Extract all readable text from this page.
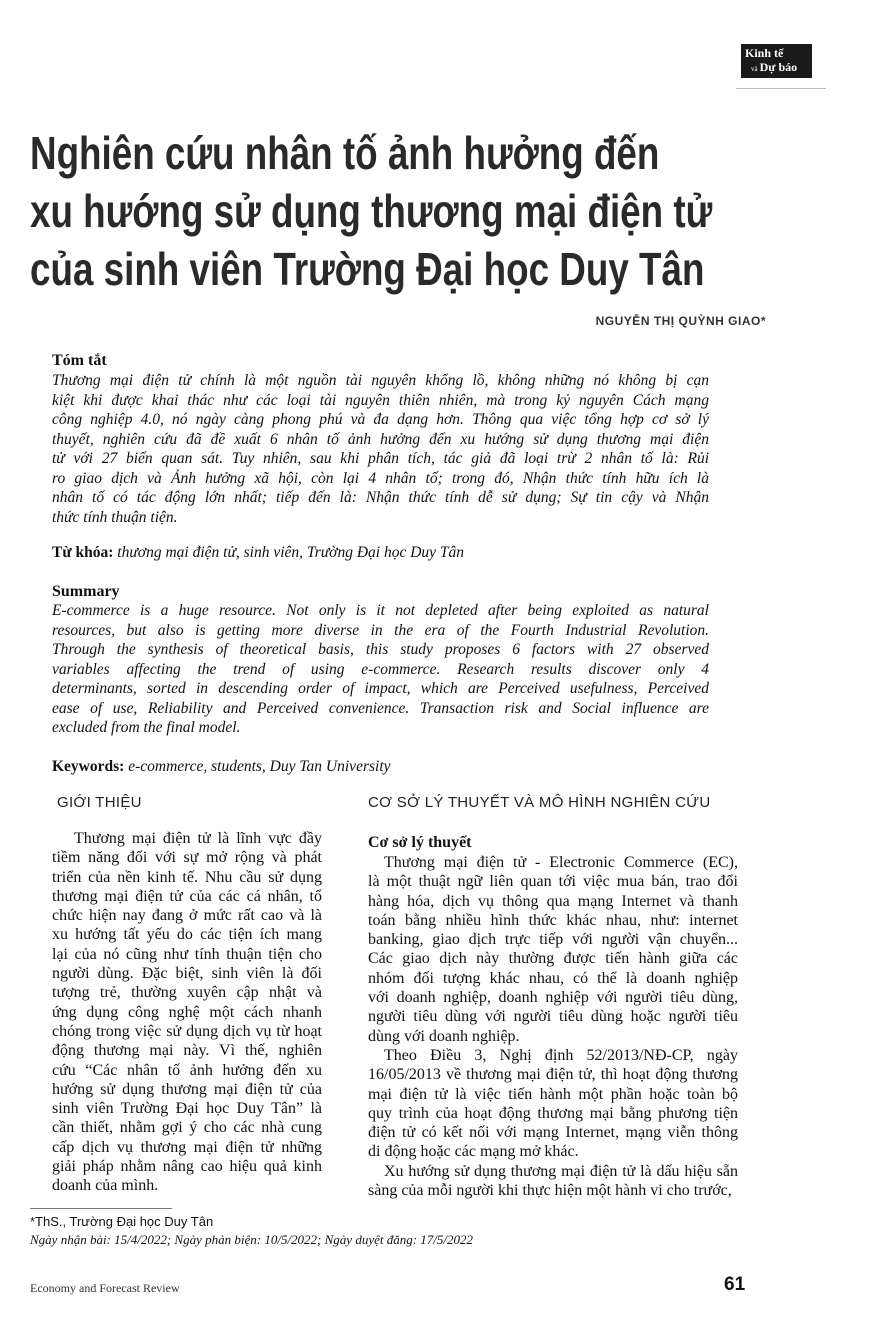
Kinh tế
và Dự báo
Nghiên cứu nhân tố ảnh hưởng đến
xu hướng sử dụng thương mại điện tử
của sinh viên Trường Đại học Duy Tân
NGUYỄN THỊ QUỲNH GIAO*
Tóm tắt
Thương mại điện tử chính là một nguồn tài nguyên khổng lồ, không những nó không bị cạn
kiệt khi được khai thác như các loại tài nguyên thiên nhiên, mà trong kỷ nguyên Cách mạng
công nghiệp 4.0, nó ngày càng phong phú và đa dạng hơn. Thông qua việc tổng hợp cơ sở lý
thuyết, nghiên cứu đã đề xuất 6 nhân tố ảnh hưởng đến xu hướng sử dụng thương mại điện
tử với 27 biến quan sát. Tuy nhiên, sau khi phân tích, tác giả đã loại trừ 2 nhân tố là: Rủi
ro giao dịch và Ảnh hưởng xã hội, còn lại 4 nhân tố; trong đó, Nhận thức tính hữu ích là
nhân tố có tác động lớn nhất; tiếp đến là: Nhận thức tính dễ sử dụng; Sự tin cậy và Nhận
thức tính thuận tiện.
Từ khóa: thương mại điện tử, sinh viên, Trường Đại học Duy Tân
Summary
E-commerce is a huge resource. Not only is it not depleted after being exploited as natural
resources, but also is getting more diverse in the era of the Fourth Industrial Revolution.
Through the synthesis of theoretical basis, this study proposes 6 factors with 27 observed
variables affecting the trend of using e-commerce. Research results discover only 4
determinants, sorted in descending order of impact, which are Perceived usefulness, Perceived
ease of use, Reliability and Perceived convenience. Transaction risk and Social influence are
excluded from the final model.
Keywords: e-commerce, students, Duy Tan University
GIỚI THIỆU	CƠ SỞ LÝ THUYẾT VÀ MÔ HÌNH NGHIÊN CỨU
Thương mại điện tử là lĩnh vực đầy
tiềm năng đối với sự mở rộng và phát
triển của nền kinh tế. Nhu cầu sử dụng
thương mại điện tử của các cá nhân, tổ
chức hiện nay đang ở mức rất cao và là
xu hướng tất yếu do các tiện ích mang
lại của nó cũng như tính thuận tiện cho
người dùng. Đặc biệt, sinh viên là đối
tượng trẻ, thường xuyên cập nhật và
ứng dụng công nghệ một cách nhanh
chóng trong việc sử dụng dịch vụ từ hoạt
động thương mại này. Vì thế, nghiên
cứu “Các nhân tố ảnh hưởng đến xu
hướng sử dụng thương mại điện tử của
sinh viên Trường Đại học Duy Tân” là
cần thiết, nhằm gợi ý cho các nhà cung
cấp dịch vụ thương mại điện tử những
giải pháp nhằm nâng cao hiệu quả kinh
doanh của mình.
Cơ sở lý thuyết
Thương mại điện tử - Electronic Commerce (EC),
là một thuật ngữ liên quan tới việc mua bán, trao đổi
hàng hóa, dịch vụ thông qua mạng Internet và thanh
toán bằng nhiều hình thức khác nhau, như: internet
banking, giao dịch trực tiếp với người vận chuyển...
Các giao dịch này thường được tiến hành giữa các
nhóm đối tượng khác nhau, có thể là doanh nghiệp
với doanh nghiệp, doanh nghiệp với người tiêu dùng,
người tiêu dùng với người tiêu dùng hoặc người tiêu
dùng với doanh nghiệp.
Theo Điều 3, Nghị định 52/2013/NĐ-CP, ngày
16/05/2013 về thương mại điện tử, thì hoạt động thương
mại điện tử là việc tiến hành một phần hoặc toàn bộ
quy trình của hoạt động thương mại bằng phương tiện
điện tử có kết nối với mạng Internet, mạng viễn thông
di động hoặc các mạng mở khác.
Xu hướng sử dụng thương mại điện tử là dấu hiệu sẵn
sàng của mỗi người khi thực hiện một hành vi cho trước,
*ThS., Trường Đại học Duy Tân
Ngày nhận bài: 15/4/2022; Ngày phản biện: 10/5/2022; Ngày duyệt đăng: 17/5/2022
Economy and Forecast Review	61
